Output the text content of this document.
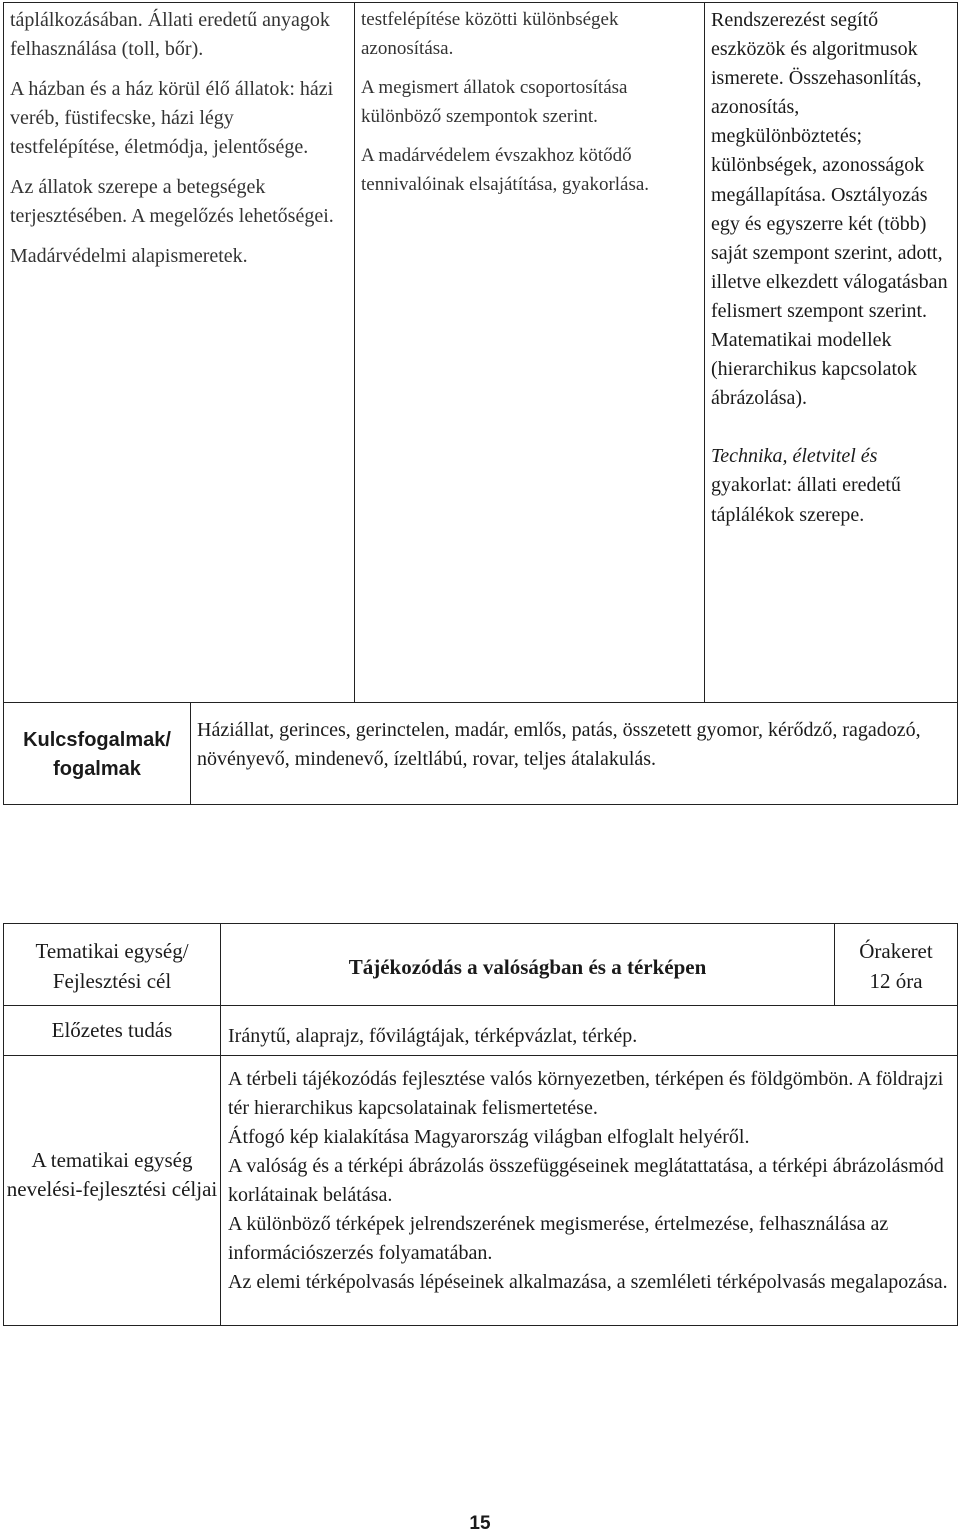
táplálkozásában. Állati eredetű anyagok felhasználása (toll, bőr).

A házban és a ház körül élő állatok: házi veréb, füstifecske, házi légy testfelépítése, életmódja, jelentősége.

Az állatok szerepe a betegségek terjesztésében. A megelőzés lehetőségei.

Madárvédelmi alapismeretek.

testfelépítése közötti különbségek azonosítása.

A megismert állatok csoportosítása különböző szempontok szerint.

A madárvédelem évszakhoz kötődő tennivalóinak elsajátítása, gyakorlása.

Rendszerezést segítő eszközök és algoritmusok ismerete. Összehasonlítás, azonosítás, megkülönböztetés; különbségek, azonosságok megállapítása. Osztályozás egy és egyszerre két (több) saját szempont szerint, adott, illetve elkezdett válogatásban felismert szempont szerint. Matematikai modellek (hierarchikus kapcsolatok ábrázolása).

Technika, életvitel és gyakorlat: állati eredetű táplálékok szerepe.

Kulcsfogalmak/ fogalmak
Háziállat, gerinces, gerinctelen, madár, emlős, patás, összetett gyomor, kérődző, ragadozó, növényevő, mindenevő, ízeltlábú, rovar, teljes átalakulás.
Tematikai egység/ Fejlesztési cél
Tájékozódás a valóságban és a térképen
Órakeret
12 óra
Előzetes tudás	Iránytű, alaprajz, fővilágtájak, térképvázlat, térkép.
A tematikai egység nevelési-fejlesztési céljai

A térbeli tájékozódás fejlesztése valós környezetben, térképen és földgömbön. A földrajzi tér hierarchikus kapcsolatainak felismertetése.

Átfogó kép kialakítása Magyarország világban elfoglalt helyéről.

A valóság és a térképi ábrázolás összefüggéseinek meglátattatása, a térképi ábrázolásmód korlátainak belátása.

A különböző térképek jelrendszerének megismerése, értelmezése, felhasználása az információszerzés folyamatában.

Az elemi térképolvasás lépéseinek alkalmazása, a szemléleti térképolvasás megalapozása.

15
